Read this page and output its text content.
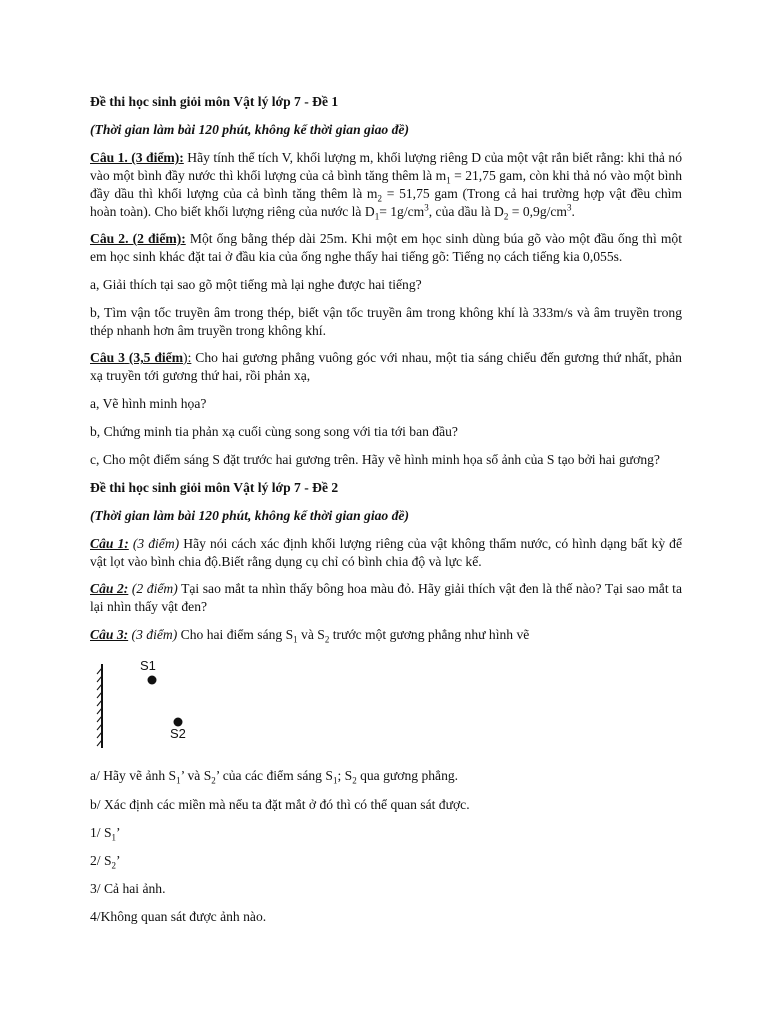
Đề thi học sinh giỏi môn Vật lý lớp 7 - Đề 1

(Thời gian làm bài 120 phút, không kể thời gian giao đề)

Câu 1. (3 điểm): Hãy tính thể tích V, khối lượng m, khối lượng riêng D của một vật rắn biết rằng: khi thả nó vào một bình đầy nước thì khối lượng của cả bình tăng thêm là $m_1 = 21,75$ gam, còn khi thả nó vào một bình đầy dầu thì khối lượng của cả bình tăng thêm là $m_2 = 51,75$ gam (Trong cả hai trường hợp vật đều chìm hoàn toàn). Cho biết khối lượng riêng của nước là $D_1= 1g/cm^3$, của dầu là $D_2 = 0,9g/cm^3$.

Câu 2. (2 điểm): Một ống bằng thép dài 25m. Khi một em học sinh dùng búa gõ vào một đầu ống thì một em học sinh khác đặt tai ở đầu kia của ống nghe thấy hai tiếng gõ: Tiếng nọ cách tiếng kia 0,055s.

a, Giải thích tại sao gõ một tiếng mà lại nghe được hai tiếng?

b, Tìm vận tốc truyền âm trong thép, biết vận tốc truyền âm trong không khí là 333m/s và âm truyền trong thép nhanh hơn âm truyền trong không khí.

Câu 3 (3,5 điểm): Cho hai gương phẳng vuông góc với nhau, một tia sáng chiếu đến gương thứ nhất, phản xạ truyền tới gương thứ hai, rồi phản xạ,

a, Vẽ hình minh họa?

b, Chứng minh tia phản xạ cuối cùng song song với tia tới ban đầu?

c, Cho một điểm sáng S đặt trước hai gương trên. Hãy vẽ hình minh họa số ảnh của S tạo bởi hai gương?

Đề thi học sinh giỏi môn Vật lý lớp 7 - Đề 2

(Thời gian làm bài 120 phút, không kể thời gian giao đề)

Câu 1: (3 điểm) Hãy nói cách xác định khối lượng riêng của vật không thấm nước, có hình dạng bất kỳ để vật lọt vào bình chia độ.Biết rằng dụng cụ chỉ có bình chia độ và lực kế.

Câu 2: (2 điểm) Tại sao mắt ta nhìn thấy bông hoa màu đỏ. Hãy giải thích vật đen là thế nào? Tại sao mắt ta lại nhìn thấy vật đen?

Câu 3: (3 điểm) Cho hai điểm sáng $S_1$ và $S_2$ trước một gương phẳng như hình vẽ

S1
S2

a/ Hãy vẽ ảnh $S_1$’ và $S_2$’ của các điểm sáng $S_1$; $S_2$ qua gương phẳng.

b/ Xác định các miền mà nếu ta đặt mắt ở đó thì có thể quan sát được.

1/ $S_1$’

2/ $S_2$’

3/ Cả hai ảnh.

4/Không quan sát được ảnh nào.
